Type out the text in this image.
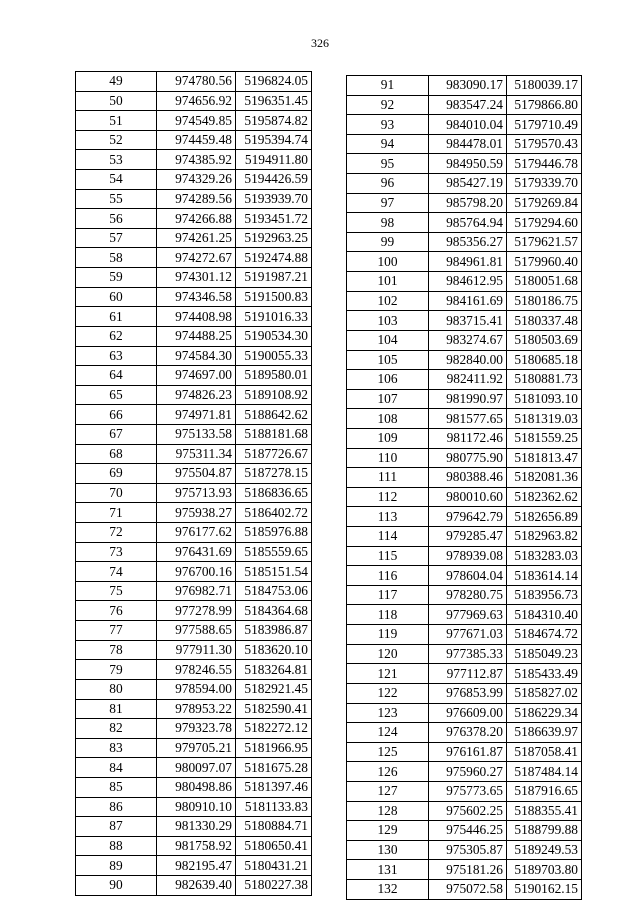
326
49	974780.56	5196824.05
50	974656.92	5196351.45
51	974549.85	5195874.82
52	974459.48	5195394.74
53	974385.92	5194911.80
54	974329.26	5194426.59
55	974289.56	5193939.70
56	974266.88	5193451.72
57	974261.25	5192963.25
58	974272.67	5192474.88
59	974301.12	5191987.21
60	974346.58	5191500.83
61	974408.98	5191016.33
62	974488.25	5190534.30
63	974584.30	5190055.33
64	974697.00	5189580.01
65	974826.23	5189108.92
66	974971.81	5188642.62
67	975133.58	5188181.68
68	975311.34	5187726.67
69	975504.87	5187278.15
70	975713.93	5186836.65
71	975938.27	5186402.72
72	976177.62	5185976.88
73	976431.69	5185559.65
74	976700.16	5185151.54
75	976982.71	5184753.06
76	977278.99	5184364.68
77	977588.65	5183986.87
78	977911.30	5183620.10
79	978246.55	5183264.81
80	978594.00	5182921.45
81	978953.22	5182590.41
82	979323.78	5182272.12
83	979705.21	5181966.95
84	980097.07	5181675.28
85	980498.86	5181397.46
86	980910.10	5181133.83
87	981330.29	5180884.71
88	981758.92	5180650.41
89	982195.47	5180431.21
90	982639.40	5180227.38
91	983090.17	5180039.17
92	983547.24	5179866.80
93	984010.04	5179710.49
94	984478.01	5179570.43
95	984950.59	5179446.78
96	985427.19	5179339.70
97	985798.20	5179269.84
98	985764.94	5179294.60
99	985356.27	5179621.57
100	984961.81	5179960.40
101	984612.95	5180051.68
102	984161.69	5180186.75
103	983715.41	5180337.48
104	983274.67	5180503.69
105	982840.00	5180685.18
106	982411.92	5180881.73
107	981990.97	5181093.10
108	981577.65	5181319.03
109	981172.46	5181559.25
110	980775.90	5181813.47
111	980388.46	5182081.36
112	980010.60	5182362.62
113	979642.79	5182656.89
114	979285.47	5182963.82
115	978939.08	5183283.03
116	978604.04	5183614.14
117	978280.75	5183956.73
118	977969.63	5184310.40
119	977671.03	5184674.72
120	977385.33	5185049.23
121	977112.87	5185433.49
122	976853.99	5185827.02
123	976609.00	5186229.34
124	976378.20	5186639.97
125	976161.87	5187058.41
126	975960.27	5187484.14
127	975773.65	5187916.65
128	975602.25	5188355.41
129	975446.25	5188799.88
130	975305.87	5189249.53
131	975181.26	5189703.80
132	975072.58	5190162.15
